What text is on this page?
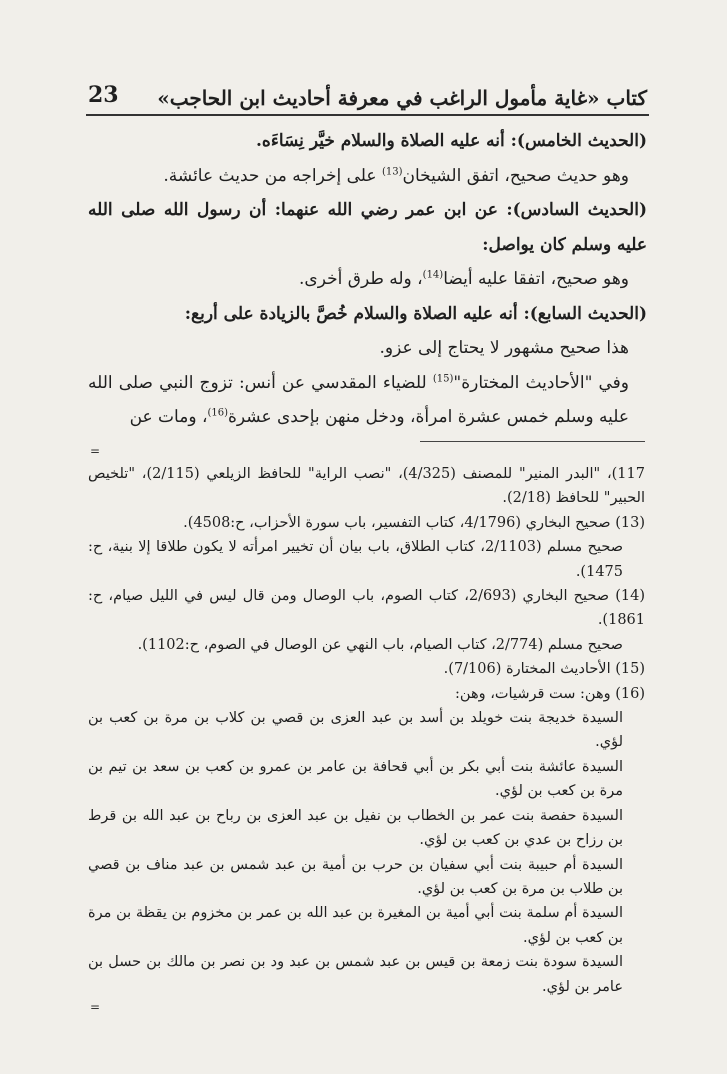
كتاب «غاية مأمول الراغب في معرفة أحاديث ابن الحاجب»
23

(الحديث الخامس): أنه عليه الصلاة والسلام خيَّر نِسَاءَه.

وهو حديث صحيح، اتفق الشيخان$^{(13)}$ على إخراجه من حديث عائشة.

(الحديث السادس): عن ابن عمر رضي الله عنهما: أن رسول الله صلى الله عليه وسلم كان يواصل:

وهو صحيح، اتفقا عليه أيضا$^{(14)}$، وله طرق أخرى.

(الحديث السابع): أنه عليه الصلاة والسلام خُصَّ بالزيادة على أربع:

هذا صحيح مشهور لا يحتاج إلى عزو.

وفي "الأحاديث المختارة"$^{(15)}$ للضياء المقدسي عن أنس: تزوج النبي صلى الله عليه وسلم خمس عشرة امرأة، ودخل منهن بإحدى عشرة$^{(16)}$، ومات عن

=

117)، "البدر المنير" للمصنف (4/325)، "نصب الراية" للحافظ الزيلعي (2/115)، "تلخيص الحبير" للحافظ (2/18).

(13) صحيح البخاري (4/1796، كتاب التفسير، باب سورة الأحزاب، ح:4508).

صحيح مسلم (2/1103، كتاب الطلاق، باب بيان أن تخيير امرأته لا يكون طلاقا إلا بنية، ح: 1475).

(14) صحيح البخاري (2/693، كتاب الصوم، باب الوصال ومن قال ليس في الليل صيام، ح: 1861).

صحيح مسلم (2/774، كتاب الصيام، باب النهي عن الوصال في الصوم، ح:1102).

(15) الأحاديث المختارة (7/106).

(16) وهن: ست قرشيات، وهن:

السيدة خديجة بنت خويلد بن أسد بن عبد العزى بن قصي بن كلاب بن مرة بن كعب بن لؤي.

السيدة عائشة بنت أبي بكر بن أبي قحافة بن عامر بن عمرو بن كعب بن سعد بن تيم بن مرة بن كعب بن لؤي.

السيدة حفصة بنت عمر بن الخطاب بن نفيل بن عبد العزى بن رباح بن عبد الله بن قرط بن رزاح بن عدي بن كعب بن لؤي.

السيدة أم حبيبة بنت أبي سفيان بن حرب بن أمية بن عبد شمس بن عبد مناف بن قصي بن طلاب بن مرة بن كعب بن لؤي.

السيدة أم سلمة بنت أبي أمية بن المغيرة بن عبد الله بن عمر بن مخزوم بن يقظة بن مرة بن كعب بن لؤي.

السيدة سودة بنت زمعة بن قيس بن عبد شمس بن عبد ود بن نصر بن مالك بن حسل بن عامر بن لؤي.

=
